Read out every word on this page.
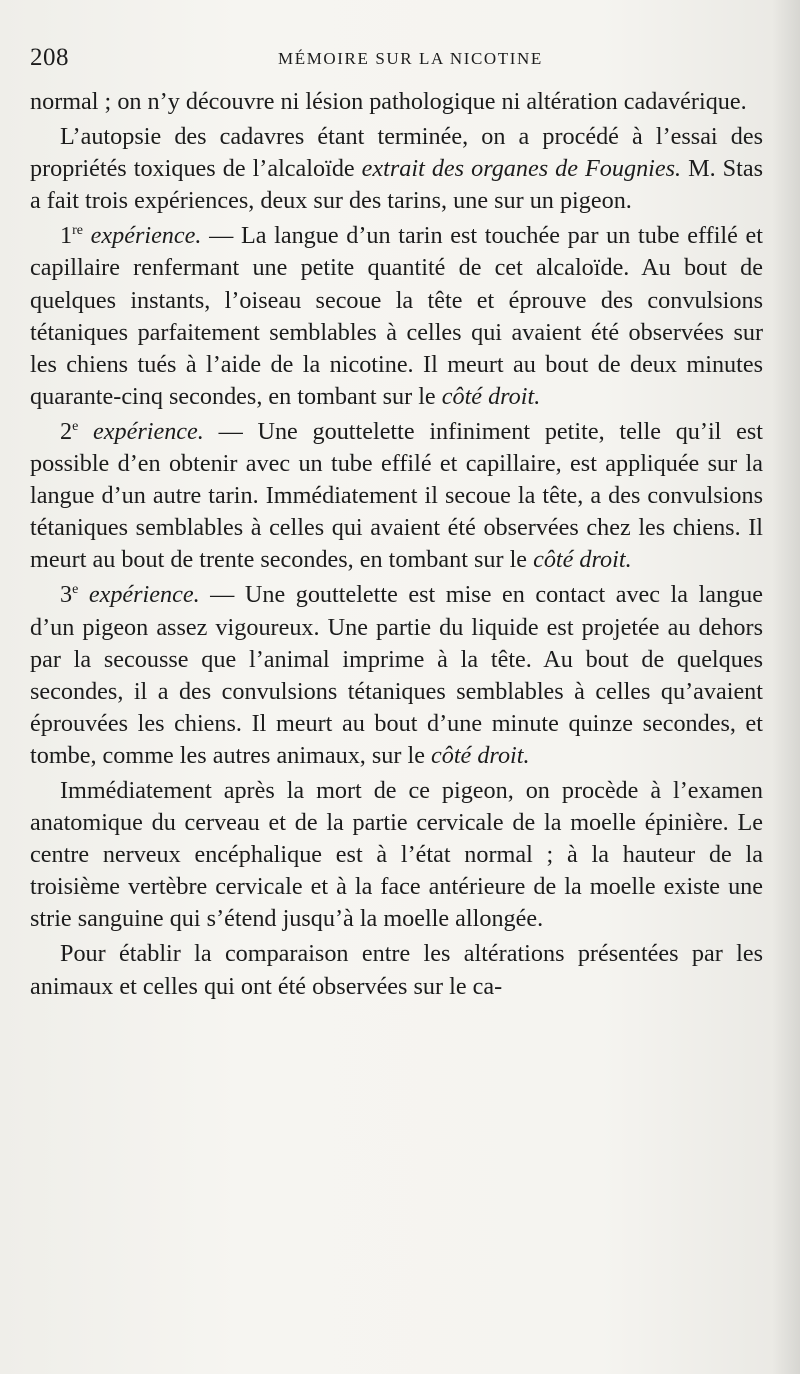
208	MÉMOIRE SUR LA NICOTINE

normal ; on n’y découvre ni lésion pathologique ni altération cadavérique.

L’autopsie des cadavres étant terminée, on a procédé à l’essai des propriétés toxiques de l’alcaloïde extrait des organes de Fougnies. M. Stas a fait trois expériences, deux sur des tarins, une sur un pigeon.

1re expérience. — La langue d’un tarin est touchée par un tube effilé et capillaire renfermant une petite quantité de cet alcaloïde. Au bout de quelques instants, l’oiseau secoue la tête et éprouve des convulsions tétaniques parfaitement semblables à celles qui avaient été observées sur les chiens tués à l’aide de la nicotine. Il meurt au bout de deux minutes quarante-cinq secondes, en tombant sur le côté droit.

2e expérience. — Une gouttelette infiniment petite, telle qu’il est possible d’en obtenir avec un tube effilé et capillaire, est appliquée sur la langue d’un autre tarin. Immédiatement il secoue la tête, a des convulsions tétaniques semblables à celles qui avaient été observées chez les chiens. Il meurt au bout de trente secondes, en tombant sur le côté droit.

3e expérience. — Une gouttelette est mise en contact avec la langue d’un pigeon assez vigoureux. Une partie du liquide est projetée au dehors par la secousse que l’animal imprime à la tête. Au bout de quelques secondes, il a des convulsions tétaniques semblables à celles qu’avaient éprouvées les chiens. Il meurt au bout d’une minute quinze secondes, et tombe, comme les autres animaux, sur le côté droit.

Immédiatement après la mort de ce pigeon, on procède à l’examen anatomique du cerveau et de la partie cervicale de la moelle épinière. Le centre nerveux encéphalique est à l’état normal ; à la hauteur de la troisième vertèbre cervicale et à la face antérieure de la moelle existe une strie sanguine qui s’étend jusqu’à la moelle allongée.

Pour établir la comparaison entre les altérations présentées par les animaux et celles qui ont été observées sur le ca-
